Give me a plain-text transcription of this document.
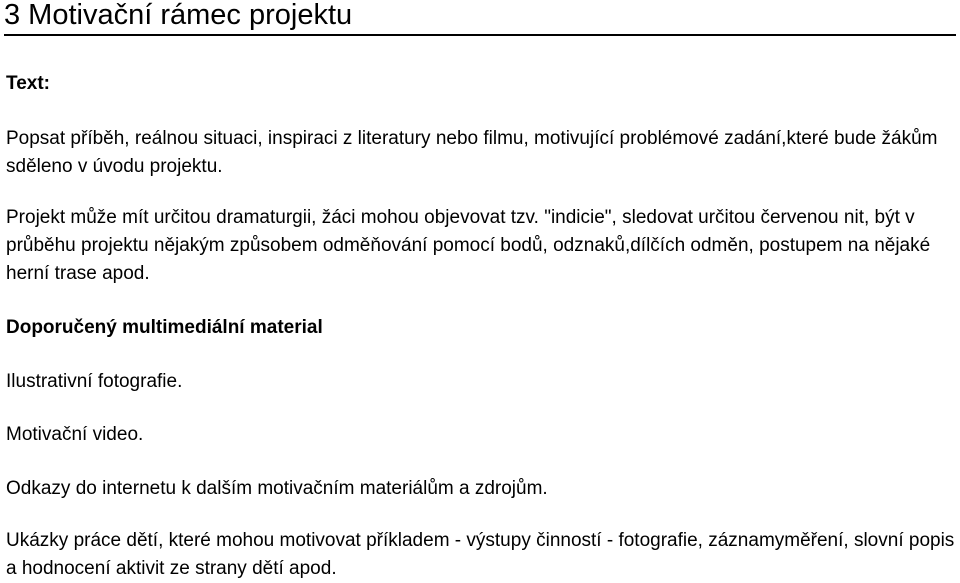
3 Motivační rámec projektu
Text:

Popsat příběh, reálnou situaci, inspiraci z literatury nebo filmu, motivující problémové zadání,které bude žákům sděleno v úvodu projektu.

Projekt může mít určitou dramaturgii, žáci mohou objevovat tzv. "indicie", sledovat určitou červenou nit, být v průběhu projektu nějakým způsobem odměňování pomocí bodů, odznaků,dílčích odměn, postupem na nějaké herní trase apod.

Doporučený multimediální material
Ilustrativní fotografie.
Motivační video.
Odkazy do internetu k dalším motivačním materiálům a zdrojům.

Ukázky práce dětí, které mohou motivovat příkladem - výstupy činností - fotografie, záznamyměření, slovní popis a hodnocení aktivit ze strany dětí apod.
